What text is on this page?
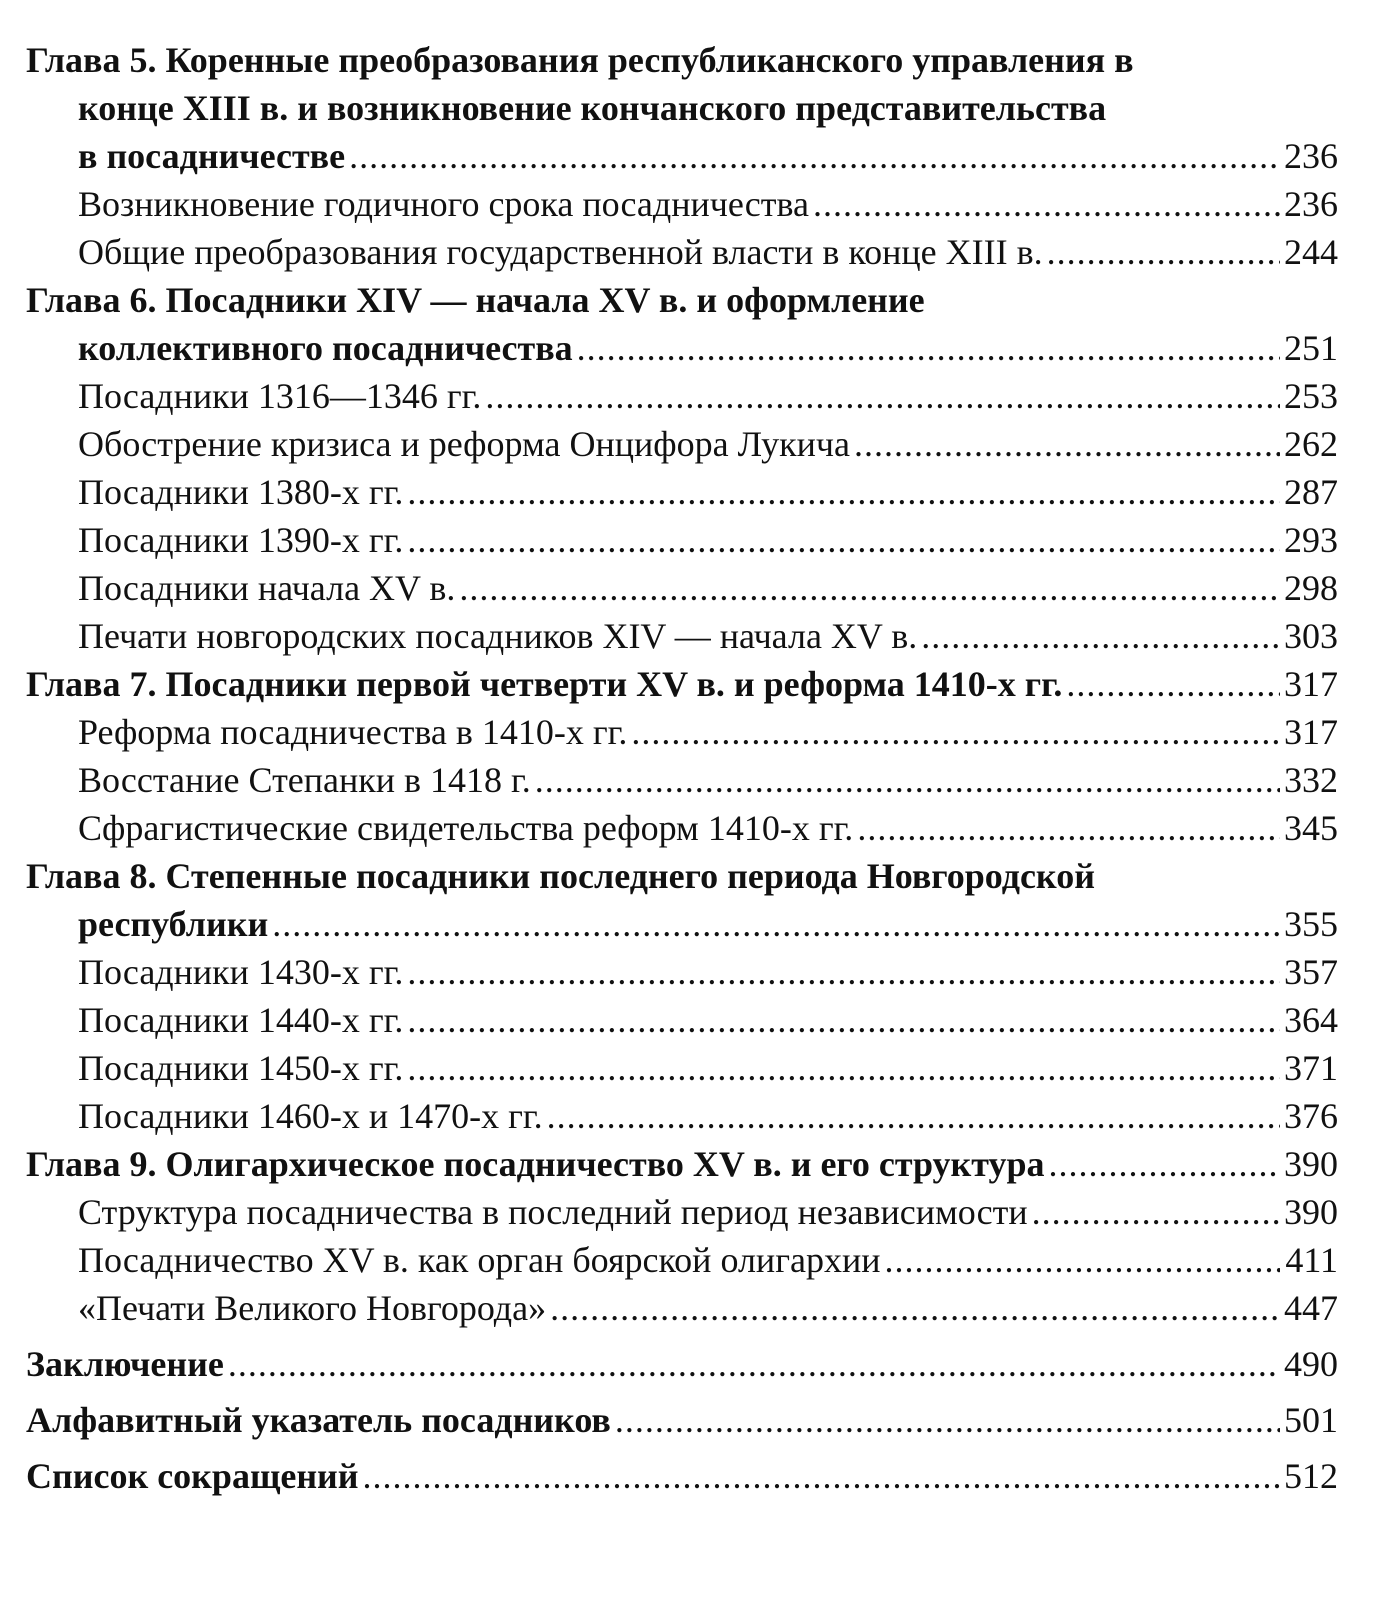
Глава 5. Коренные преобразования республиканского управления в
конце XIII в. и возникновение кончанского представительства
в посадничестве .....	236
Возникновение годичного срока посадничества .....	236
Общие преобразования государственной власти в конце XIII в. .....	244
Глава 6. Посадники XIV — начала XV в. и оформление
коллективного посадничества .....	251
Посадники 1316—1346 гг. .....	253
Обострение кризиса и реформа Онцифора Лукича .....	262
Посадники 1380-х гг. .....	287
Посадники 1390-х гг. .....	293
Посадники начала XV в. .....	298
Печати новгородских посадников XIV — начала XV в. .....	303
Глава 7. Посадники первой четверти XV в. и реформа 1410-х гг. .....	317
Реформа посадничества в 1410-х гг. .....	317
Восстание Степанки в 1418 г. .....	332
Сфрагистические свидетельства реформ 1410-х гг. .....	345
Глава 8. Степенные посадники последнего периода Новгородской
республики .....	355
Посадники 1430-х гг. .....	357
Посадники 1440-х гг. .....	364
Посадники 1450-х гг. .....	371
Посадники 1460-х и 1470-х гг. .....	376
Глава 9. Олигархическое посадничество XV в. и его структура .....	390
Структура посадничества в последний период независимости .....	390
Посадничество XV в. как орган боярской олигархии .....	411
«Печати Великого Новгорода» .....	447
Заключение .....	490
Алфавитный указатель посадников .....	501
Список сокращений .....	512
